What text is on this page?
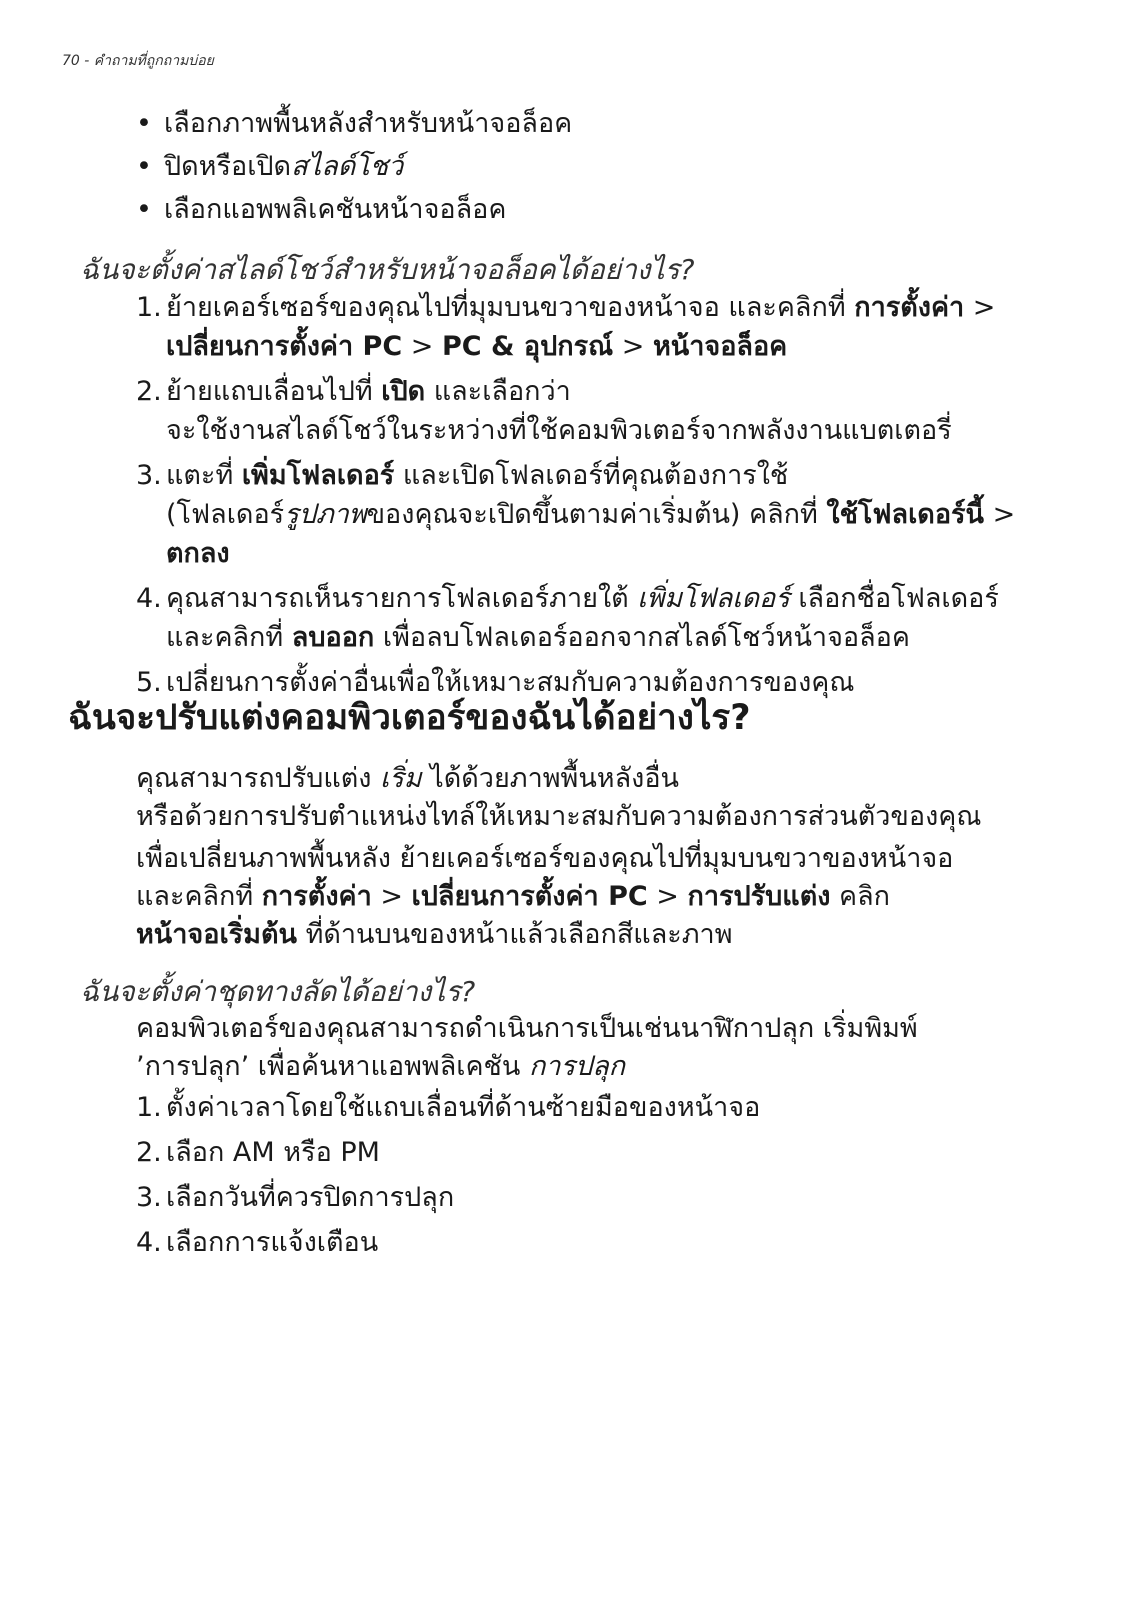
70 - คำถามที่ถูกถามบ่อย
• เลือกภาพพื้นหลังสำหรับหน้าจอล็อค
• ปิดหรือเปิดสไลด์โชว์
• เลือกแอพพลิเคชันหน้าจอล็อค
ฉันจะตั้งค่าสไลด์โชว์สำหรับหน้าจอล็อคได้อย่างไร?
1. ย้ายเคอร์เซอร์ของคุณไปที่มุมบนขวาของหน้าจอ และคลิกที่ การตั้งค่า >
เปลี่ยนการตั้งค่า PC > PC & อุปกรณ์ > หน้าจอล็อค
2. ย้ายแถบเลื่อนไปที่ เปิด และเลือกว่า
จะใช้งานสไลด์โชว์ในระหว่างที่ใช้คอมพิวเตอร์จากพลังงานแบตเตอรี่
3. แตะที่ เพิ่มโฟลเดอร์ และเปิดโฟลเดอร์ที่คุณต้องการใช้
(โฟลเดอร์รูปภาพของคุณจะเปิดขึ้นตามค่าเริ่มต้น) คลิกที่ ใช้โฟลเดอร์นี้ >
ตกลง
4. คุณสามารถเห็นรายการโฟลเดอร์ภายใต้ เพิ่มโฟลเดอร์ เลือกชื่อโฟลเดอร์
และคลิกที่ ลบออก เพื่อลบโฟลเดอร์ออกจากสไลด์โชว์หน้าจอล็อค
5. เปลี่ยนการตั้งค่าอื่นเพื่อให้เหมาะสมกับความต้องการของคุณ
ฉันจะปรับแต่งคอมพิวเตอร์ของฉันได้อย่างไร?
คุณสามารถปรับแต่ง เริ่ม ได้ด้วยภาพพื้นหลังอื่น
หรือด้วยการปรับตำแหน่งไทล์ให้เหมาะสมกับความต้องการส่วนตัวของคุณ
เพื่อเปลี่ยนภาพพื้นหลัง ย้ายเคอร์เซอร์ของคุณไปที่มุมบนขวาของหน้าจอ
และคลิกที่ การตั้งค่า > เปลี่ยนการตั้งค่า PC > การปรับแต่ง คลิก
หน้าจอเริ่มต้น ที่ด้านบนของหน้าแล้วเลือกสีและภาพ
ฉันจะตั้งค่าชุดทางลัดได้อย่างไร?
คอมพิวเตอร์ของคุณสามารถดำเนินการเป็นเช่นนาฬิกาปลุก เริ่มพิมพ์
’การปลุก’ เพื่อค้นหาแอพพลิเคชัน การปลุก
1. ตั้งค่าเวลาโดยใช้แถบเลื่อนที่ด้านซ้ายมือของหน้าจอ
2. เลือก AM หรือ PM
3. เลือกวันที่ควรปิดการปลุก
4. เลือกการแจ้งเตือน
